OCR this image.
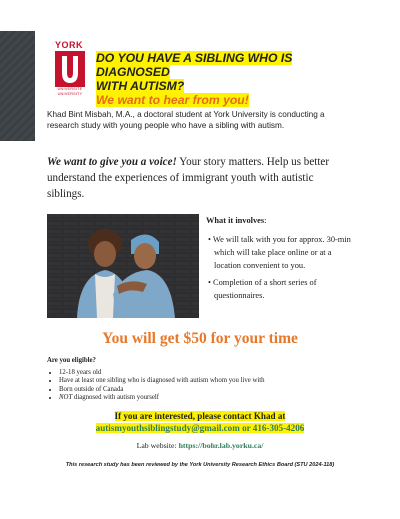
YORK
UNIVERSITÉ
UNIVERSITY
DO YOU HAVE A SIBLING WHO IS DIAGNOSED
WITH AUTISM?
We want to hear from you!
Khad Bint Misbah, M.A., a doctoral student at York University is conducting a research study with young people who have a sibling with autism.
We want to give you a voice! Your story matters. Help us better understand the experiences of immigrant youth with autistic siblings.
What it involves:
• We will talk with you for approx. 30-min which will take place online or at a location convenient to you.
• Completion of a short series of questionnaires.
You will get $50 for your time
Are you eligible?
• 12-18 years old
• Have at least one sibling who is diagnosed with autism whom you live with
• Born outside of Canada
• NOT diagnosed with autism yourself
If you are interested, please contact Khad at
autismyouthsiblingstudy@gmail.com or 416-305-4206
Lab website: https://bohr.lab.yorku.ca/
This research study has been reviewed by the York University Research Ethics Board (STU 2024-118)
